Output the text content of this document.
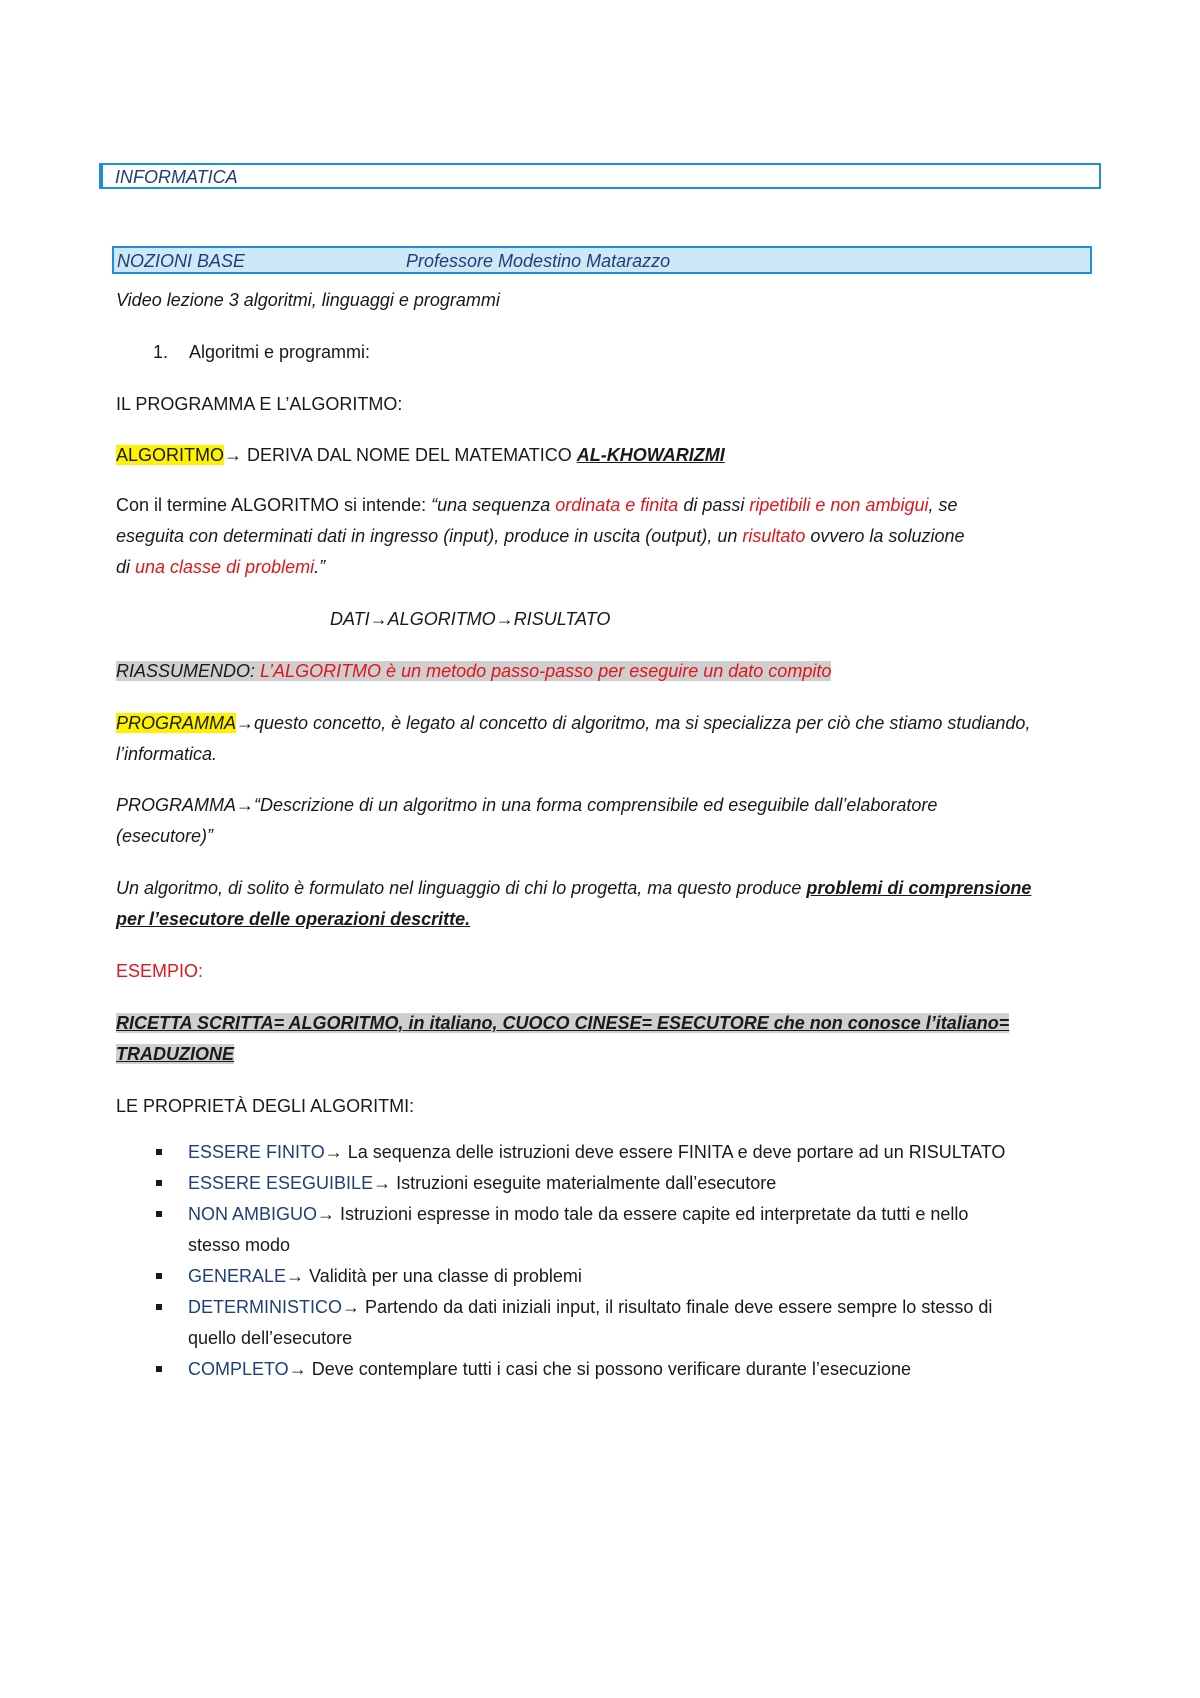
INFORMATICA
NOZIONI BASE	Professore Modestino Matarazzo
Video lezione 3 algoritmi, linguaggi e programmi
1. Algoritmi e programmi:
IL PROGRAMMA E L’ALGORITMO:
ALGORITMO→ DERIVA DAL NOME DEL MATEMATICO AL-KHOWARIZMI
Con il termine ALGORITMO si intende: “una sequenza ordinata e finita di passi ripetibili e non ambigui, se
eseguita con determinati dati in ingresso (input), produce in uscita (output), un risultato ovvero la soluzione
di una classe di problemi.”
DATI→ALGORITMO→RISULTATO
RIASSUMENDO: L’ALGORITMO è un metodo passo-passo per eseguire un dato compito
PROGRAMMA→questo concetto, è legato al concetto di algoritmo, ma si specializza per ciò che stiamo studiando,
l’informatica.
PROGRAMMA→“Descrizione di un algoritmo in una forma comprensibile ed eseguibile dall’elaboratore
(esecutore)”
Un algoritmo, di solito è formulato nel linguaggio di chi lo progetta, ma questo produce problemi di comprensione
per l’esecutore delle operazioni descritte.
ESEMPIO:
RICETTA SCRITTA= ALGORITMO, in italiano, CUOCO CINESE= ESECUTORE che non conosce l’italiano=
TRADUZIONE
LE PROPRIETÀ DEGLI ALGORITMI:
ESSERE FINITO→ La sequenza delle istruzioni deve essere FINITA e deve portare ad un RISULTATO
ESSERE ESEGUIBILE→ Istruzioni eseguite materialmente dall’esecutore
NON AMBIGUO→ Istruzioni espresse in modo tale da essere capite ed interpretate da tutti e nello
stesso modo
GENERALE→ Validità per una classe di problemi
DETERMINISTICO→ Partendo da dati iniziali input, il risultato finale deve essere sempre lo stesso di
quello dell’esecutore
COMPLETO→ Deve contemplare tutti i casi che si possono verificare durante l’esecuzione
